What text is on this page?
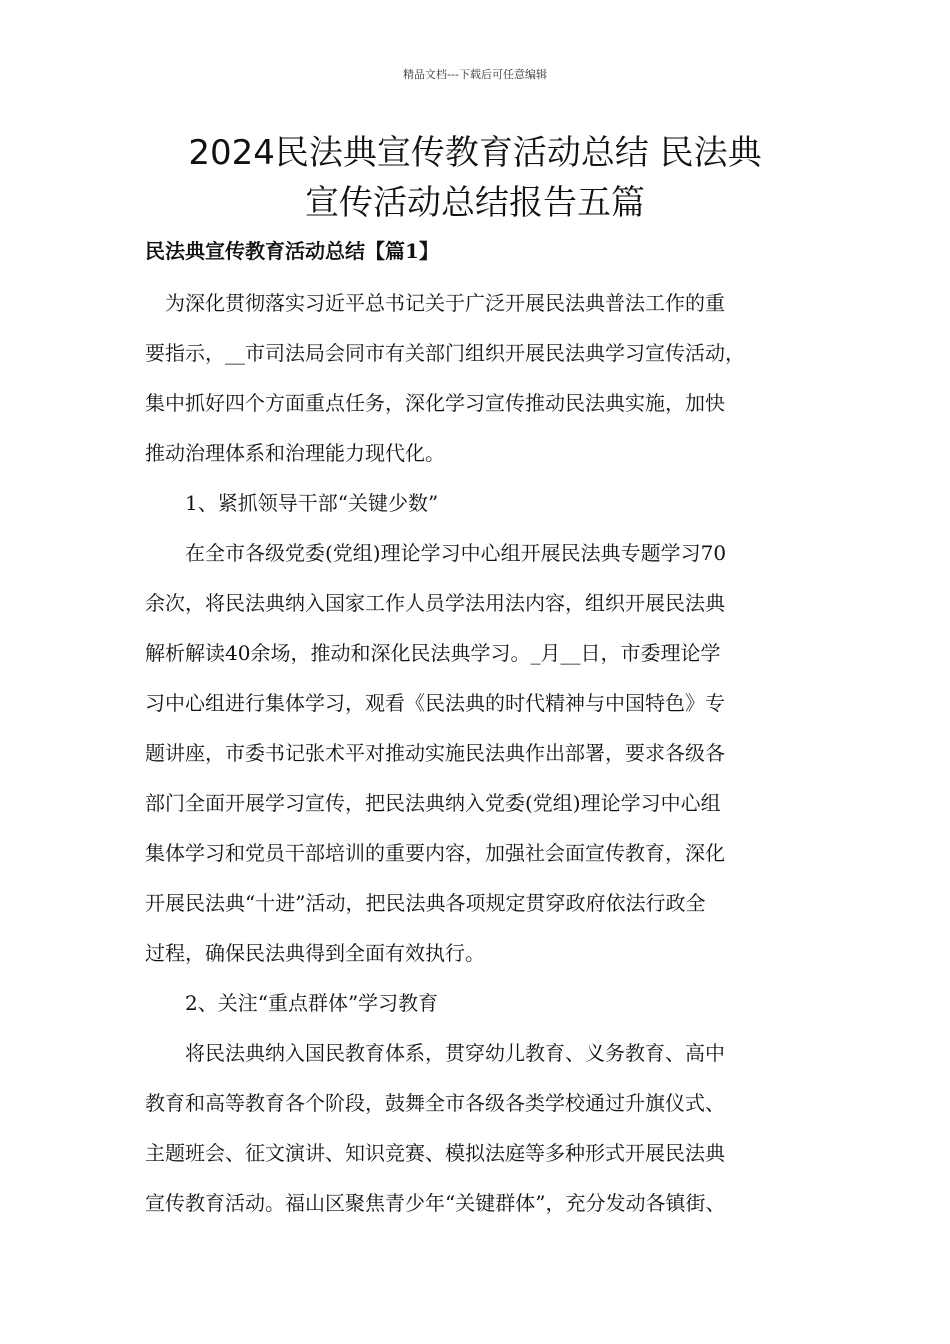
精品文档---下载后可任意编辑
2024民法典宣传教育活动总结 民法典
宣传活动总结报告五篇
民法典宣传教育活动总结【篇1】
　为深化贯彻落实习近平总书记关于广泛开展民法典普法工作的重
要指示，__市司法局会同市有关部门组织开展民法典学习宣传活动，
集中抓好四个方面重点任务，深化学习宣传推动民法典实施，加快
推动治理体系和治理能力现代化。
　　1、紧抓领导干部“关键少数”
　　在全市各级党委(党组)理论学习中心组开展民法典专题学习70
余次，将民法典纳入国家工作人员学法用法内容，组织开展民法典
解析解读40余场，推动和深化民法典学习。_月__日，市委理论学
习中心组进行集体学习，观看《民法典的时代精神与中国特色》专
题讲座，市委书记张术平对推动实施民法典作出部署，要求各级各
部门全面开展学习宣传，把民法典纳入党委(党组)理论学习中心组
集体学习和党员干部培训的重要内容，加强社会面宣传教育，深化
开展民法典“十进”活动，把民法典各项规定贯穿政府依法行政全
过程，确保民法典得到全面有效执行。
　　2、关注“重点群体”学习教育
　　将民法典纳入国民教育体系，贯穿幼儿教育、义务教育、高中
教育和高等教育各个阶段，鼓舞全市各级各类学校通过升旗仪式、
主题班会、征文演讲、知识竞赛、模拟法庭等多种形式开展民法典
宣传教育活动。福山区聚焦青少年“关键群体”，充分发动各镇街、
